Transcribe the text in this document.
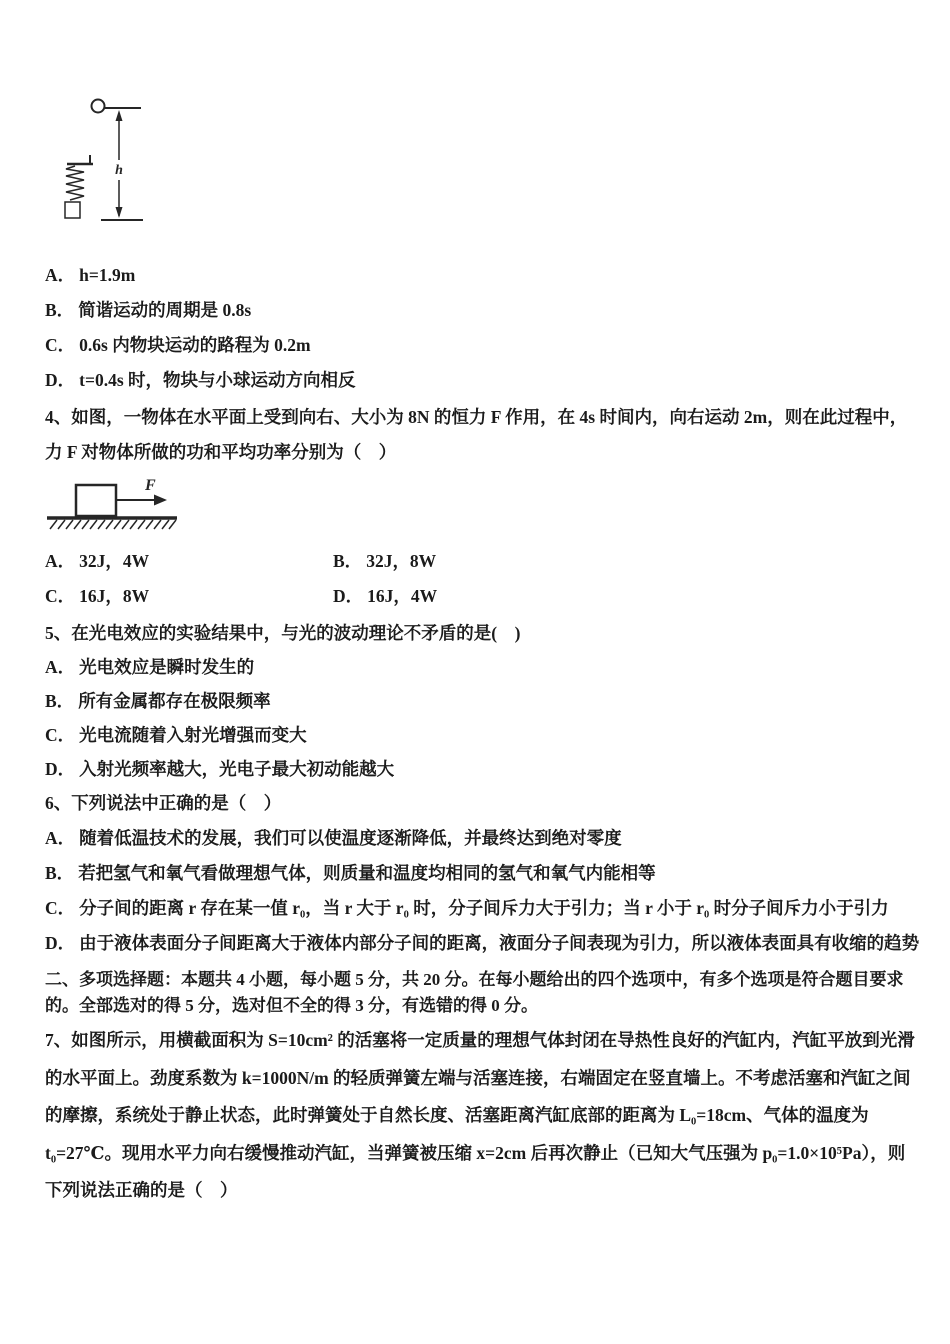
h
A． h=1.9m
B． 简谐运动的周期是 0.8s
C． 0.6s 内物块运动的路程为 0.2m
D． t=0.4s 时，物块与小球运动方向相反

4、如图，一物体在水平面上受到向右、大小为 8N 的恒力 F 作用，在 4s 时间内，向右运动 2m，则在此过程中，力 F 对物体所做的功和平均功率分别为（　）

F
A． 32J，4W	B． 32J，8W
C． 16J，8W	D． 16J，4W

5、在光电效应的实验结果中，与光的波动理论不矛盾的是(　)

A． 光电效应是瞬时发生的
B． 所有金属都存在极限频率
C． 光电流随着入射光增强而变大
D． 入射光频率越大，光电子最大初动能越大

6、下列说法中正确的是（　）

A． 随着低温技术的发展，我们可以使温度逐渐降低，并最终达到绝对零度
B． 若把氢气和氧气看做理想气体，则质量和温度均相同的氢气和氧气内能相等
C． 分子间的距离 r 存在某一值 r₀，当 r 大于 r₀ 时，分子间斥力大于引力；当 r 小于 r₀ 时分子间斥力小于引力
D． 由于液体表面分子间距离大于液体内部分子间的距离，液面分子间表现为引力，所以液体表面具有收缩的趋势

二、多项选择题：本题共 4 小题，每小题 5 分，共 20 分。在每小题给出的四个选项中，有多个选项是符合题目要求的。全部选对的得 5 分，选对但不全的得 3 分，有选错的得 0 分。

7、如图所示，用横截面积为 S=10cm² 的活塞将一定质量的理想气体封闭在导热性良好的汽缸内，汽缸平放到光滑的水平面上。劲度系数为 k=1000N/m 的轻质弹簧左端与活塞连接，右端固定在竖直墙上。不考虑活塞和汽缸之间的摩擦，系统处于静止状态，此时弹簧处于自然长度、活塞距离汽缸底部的距离为 L₀=18cm、气体的温度为 t₀=27℃。现用水平力向右缓慢推动汽缸，当弹簧被压缩 x=2cm 后再次静止（已知大气压强为 p₀=1.0×10⁵Pa），则下列说法正确的是（　）
